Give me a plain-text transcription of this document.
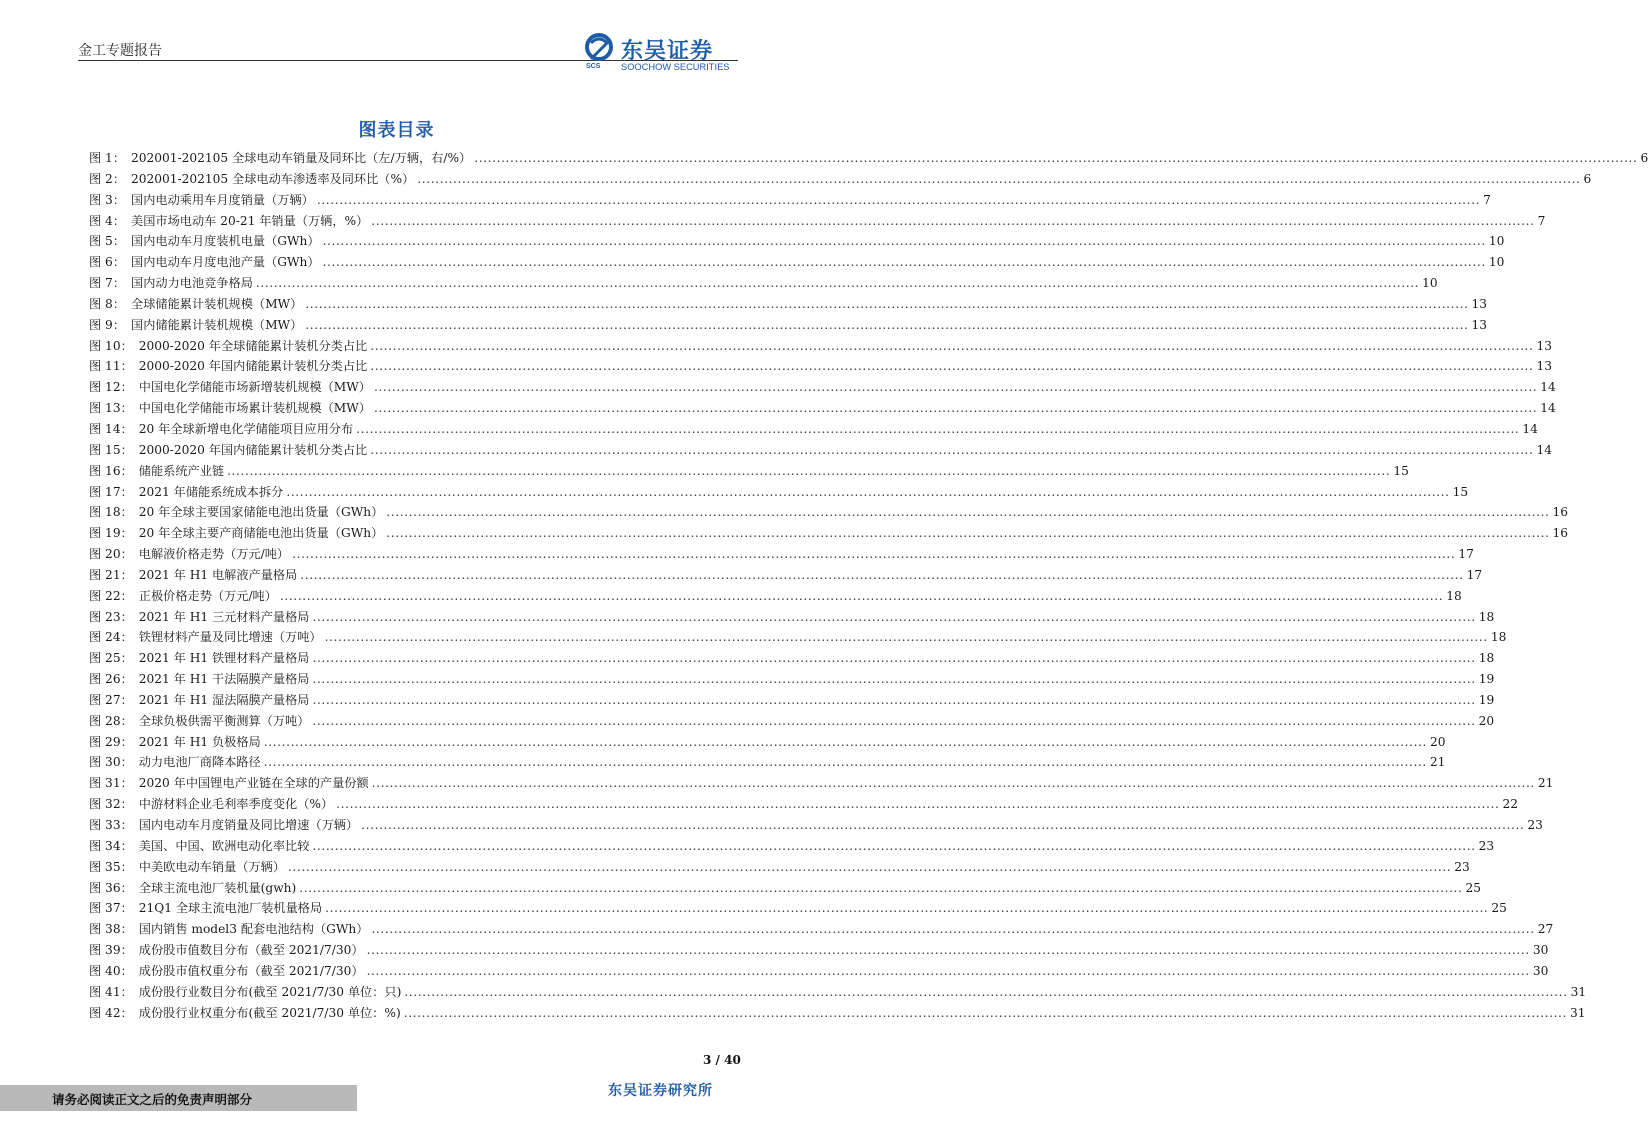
金工专题报告
SCS
东吴证券
SOOCHOW SECURITIES
图表目录
图 1： 202001-202105 全球电动车销量及同环比（左/万辆，右/%） .................................................................................................................................................................................................................................................................... 6
图 2： 202001-202105 全球电动车渗透率及同环比（%） .................................................................................................................................................................................................................................................................... 6
图 3： 国内电动乘用车月度销量（万辆） .................................................................................................................................................................................................................................................................... 7
图 4： 美国市场电动车 20-21 年销量（万辆，%） .................................................................................................................................................................................................................................................................... 7
图 5： 国内电动车月度装机电量（GWh） .................................................................................................................................................................................................................................................................... 10
图 6： 国内电动车月度电池产量（GWh） .................................................................................................................................................................................................................................................................... 10
图 7： 国内动力电池竞争格局 .................................................................................................................................................................................................................................................................... 10
图 8： 全球储能累计装机规模（MW） .................................................................................................................................................................................................................................................................... 13
图 9： 国内储能累计装机规模（MW） .................................................................................................................................................................................................................................................................... 13
图 10： 2000-2020 年全球储能累计装机分类占比 .................................................................................................................................................................................................................................................................... 13
图 11： 2000-2020 年国内储能累计装机分类占比 .................................................................................................................................................................................................................................................................... 13
图 12： 中国电化学储能市场新增装机规模（MW） .................................................................................................................................................................................................................................................................... 14
图 13： 中国电化学储能市场累计装机规模（MW） .................................................................................................................................................................................................................................................................... 14
图 14： 20 年全球新增电化学储能项目应用分布 .................................................................................................................................................................................................................................................................... 14
图 15： 2000-2020 年国内储能累计装机分类占比 .................................................................................................................................................................................................................................................................... 14
图 16： 储能系统产业链 .................................................................................................................................................................................................................................................................... 15
图 17： 2021 年储能系统成本拆分 .................................................................................................................................................................................................................................................................... 15
图 18： 20 年全球主要国家储能电池出货量（GWh） .................................................................................................................................................................................................................................................................... 16
图 19： 20 年全球主要产商储能电池出货量（GWh） .................................................................................................................................................................................................................................................................... 16
图 20： 电解液价格走势（万元/吨） .................................................................................................................................................................................................................................................................... 17
图 21： 2021 年 H1 电解液产量格局 .................................................................................................................................................................................................................................................................... 17
图 22： 正极价格走势（万元/吨） .................................................................................................................................................................................................................................................................... 18
图 23： 2021 年 H1 三元材料产量格局 .................................................................................................................................................................................................................................................................... 18
图 24： 铁锂材料产量及同比增速（万吨） .................................................................................................................................................................................................................................................................... 18
图 25： 2021 年 H1 铁锂材料产量格局 .................................................................................................................................................................................................................................................................... 18
图 26： 2021 年 H1 干法隔膜产量格局 .................................................................................................................................................................................................................................................................... 19
图 27： 2021 年 H1 湿法隔膜产量格局 .................................................................................................................................................................................................................................................................... 19
图 28： 全球负极供需平衡测算（万吨） .................................................................................................................................................................................................................................................................... 20
图 29： 2021 年 H1 负极格局 .................................................................................................................................................................................................................................................................... 20
图 30： 动力电池厂商降本路径 .................................................................................................................................................................................................................................................................... 21
图 31： 2020 年中国锂电产业链在全球的产量份额 .................................................................................................................................................................................................................................................................... 21
图 32： 中游材料企业毛利率季度变化（%） .................................................................................................................................................................................................................................................................... 22
图 33： 国内电动车月度销量及同比增速（万辆） .................................................................................................................................................................................................................................................................... 23
图 34： 美国、中国、欧洲电动化率比较 .................................................................................................................................................................................................................................................................... 23
图 35： 中美欧电动车销量（万辆） .................................................................................................................................................................................................................................................................... 23
图 36： 全球主流电池厂装机量(gwh) .................................................................................................................................................................................................................................................................... 25
图 37： 21Q1 全球主流电池厂装机量格局 .................................................................................................................................................................................................................................................................... 25
图 38： 国内销售 model3 配套电池结构（GWh） .................................................................................................................................................................................................................................................................... 27
图 39： 成份股市值数目分布（截至 2021/7/30） .................................................................................................................................................................................................................................................................... 30
图 40： 成份股市值权重分布（截至 2021/7/30） .................................................................................................................................................................................................................................................................... 30
图 41： 成份股行业数目分布(截至 2021/7/30 单位：只) .................................................................................................................................................................................................................................................................... 31
图 42： 成份股行业权重分布(截至 2021/7/30 单位：%) .................................................................................................................................................................................................................................................................... 31
3 / 40
请务必阅读正文之后的免责声明部分
东吴证券研究所
